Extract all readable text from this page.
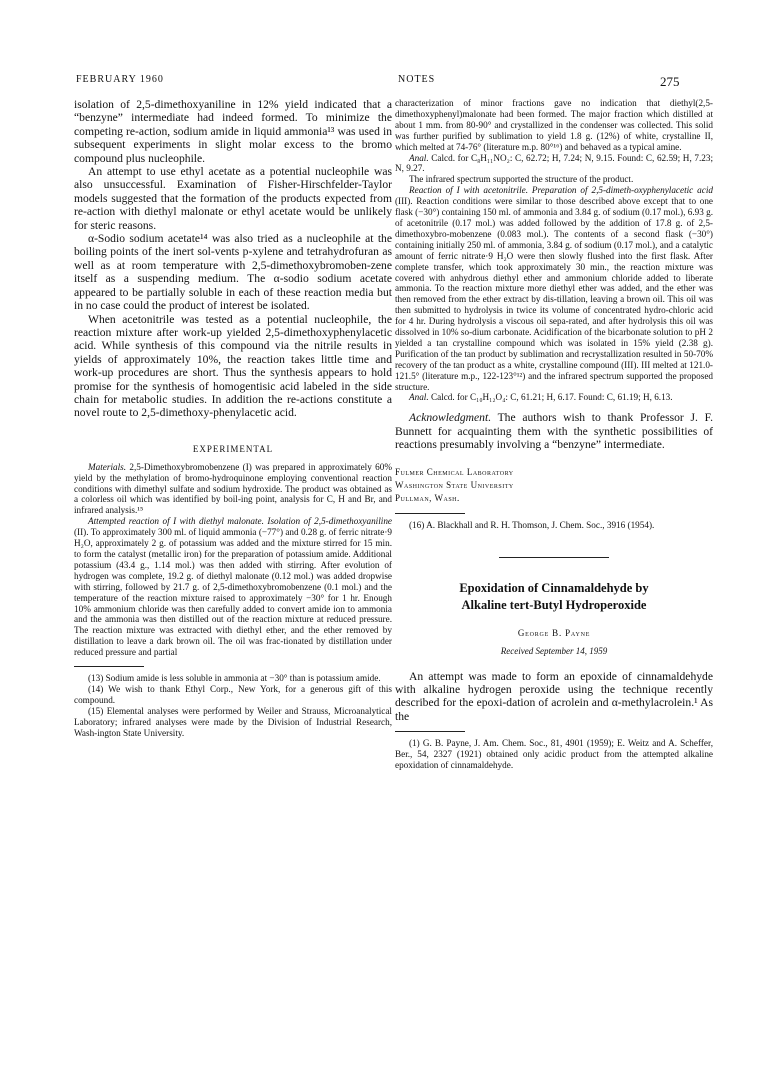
FEBRUARY 1960	NOTES	275

isolation of 2,5-dimethoxyaniline in 12% yield indicated that a “benzyne” intermediate had indeed formed. To minimize the competing re-action, sodium amide in liquid ammonia¹³ was used in subsequent experiments in slight molar excess to the bromo compound plus nucleophile.

An attempt to use ethyl acetate as a potential nucleophile was also unsuccessful. Examination of Fisher-Hirschfelder-Taylor models suggested that the formation of the products expected from re-action with diethyl malonate or ethyl acetate would be unlikely for steric reasons.

α-Sodio sodium acetate¹⁴ was also tried as a nucleophile at the boiling points of the inert sol-vents p-xylene and tetrahydrofuran as well as at room temperature with 2,5-dimethoxybromoben-zene itself as a suspending medium. The α-sodio sodium acetate appeared to be partially soluble in each of these reaction media but in no case could the product of interest be isolated.

When acetonitrile was tested as a potential nucleophile, the reaction mixture after work-up yielded 2,5-dimethoxyphenylacetic acid. While synthesis of this compound via the nitrile results in yields of approximately 10%, the reaction takes little time and work-up procedures are short. Thus the synthesis appears to hold promise for the synthesis of homogentisic acid labeled in the side chain for metabolic studies. In addition the re-actions constitute a novel route to 2,5-dimethoxy-phenylacetic acid.

EXPERIMENTAL

Materials. 2,5-Dimethoxybromobenzene (I) was prepared in approximately 60% yield by the methylation of bromo-hydroquinone employing conventional reaction conditions with dimethyl sulfate and sodium hydroxide. The product was obtained as a colorless oil which was identified by boil-ing point, analysis for C, H and Br, and infrared analysis.¹⁵

Attempted reaction of I with diethyl malonate. Isolation of 2,5-dimethoxyaniline (II). To approximately 300 ml. of liquid ammonia (−77°) and 0.28 g. of ferric nitrate·9 H₂O, approximately 2 g. of potassium was added and the mixture stirred for 15 min. to form the catalyst (metallic iron) for the preparation of potassium amide. Additional potassium (43.4 g., 1.14 mol.) was then added with stirring. After evolution of hydrogen was complete, 19.2 g. of diethyl malonate (0.12 mol.) was added dropwise with stirring, followed by 21.7 g. of 2,5-dimethoxybromobenzene (0.1 mol.) and the temperature of the reaction mixture raised to approximately −30° for 1 hr. Enough 10% ammonium chloride was then carefully added to convert amide ion to ammonia and the ammonia was then distilled out of the reaction mixture at reduced pressure. The reaction mixture was extracted with diethyl ether, and the ether removed by distillation to leave a dark brown oil. The oil was frac-tionated by distillation under reduced pressure and partial

(13) Sodium amide is less soluble in ammonia at −30° than is potassium amide.

(14) We wish to thank Ethyl Corp., New York, for a generous gift of this compound.

(15) Elemental analyses were performed by Weiler and Strauss, Microanalytical Laboratory; infrared analyses were made by the Division of Industrial Research, Wash-ington State University.

characterization of minor fractions gave no indication that diethyl(2,5-dimethoxyphenyl)malonate had been formed. The major fraction which distilled at about 1 mm. from 80-90° and crystallized in the condenser was collected. This solid was further purified by sublimation to yield 1.8 g. (12%) of white, crystalline II, which melted at 74-76° (literature m.p. 80°¹⁶) and behaved as a typical amine.

Anal. Calcd. for C₈H₁₁NO₂: C, 62.72; H, 7.24; N, 9.15. Found: C, 62.59; H, 7.23; N, 9.27.

The infrared spectrum supported the structure of the product.

Reaction of I with acetonitrile. Preparation of 2,5-dimeth-oxyphenylacetic acid (III). Reaction conditions were similar to those described above except that to one flask (−30°) containing 150 ml. of ammonia and 3.84 g. of sodium (0.17 mol.), 6.93 g. of acetonitrile (0.17 mol.) was added followed by the addition of 17.8 g. of 2,5-dimethoxybro-mobenzene (0.083 mol.). The contents of a second flask (−30°) containing initially 250 ml. of ammonia, 3.84 g. of sodium (0.17 mol.), and a catalytic amount of ferric nitrate·9 H₂O were then slowly flushed into the first flask. After complete transfer, which took approximately 30 min., the reaction mixture was covered with anhydrous diethyl ether and ammonium chloride added to liberate ammonia. To the reaction mixture more diethyl ether was added, and the ether was then removed from the ether extract by dis-tillation, leaving a brown oil. This oil was then submitted to hydrolysis in twice its volume of concentrated hydro-chloric acid for 4 hr. During hydrolysis a viscous oil sepa-rated, and after hydrolysis this oil was dissolved in 10% so-dium carbonate. Acidification of the bicarbonate solution to pH 2 yielded a tan crystalline compound which was isolated in 15% yield (2.38 g). Purification of the tan product by sublimation and recrystallization resulted in 50-70% recovery of the tan product as a white, crystalline compound (III). III melted at 121.0-121.5° (literature m.p., 122-123°¹²) and the infrared spectrum supported the proposed structure.

Anal. Calcd. for C₁₀H₁₂O₄: C, 61.21; H, 6.17. Found: C, 61.19; H, 6.13.

Acknowledgment. The authors wish to thank Professor J. F. Bunnett for acquainting them with the synthetic possibilities of reactions presumably involving a “benzyne” intermediate.

Fulmer Chemical Laboratory
Washington State University
Pullman, Wash.

(16) A. Blackhall and R. H. Thomson, J. Chem. Soc., 3916 (1954).

Epoxidation of Cinnamaldehyde by

Alkaline tert-Butyl Hydroperoxide

George B. Payne
Received September 14, 1959

An attempt was made to form an epoxide of cinnamaldehyde with alkaline hydrogen peroxide using the technique recently described for the epoxi-dation of acrolein and α-methylacrolein.¹ As the

(1) G. B. Payne, J. Am. Chem. Soc., 81, 4901 (1959); E. Weitz and A. Scheffer, Ber., 54, 2327 (1921) obtained only acidic product from the attempted alkaline epoxidation of cinnamaldehyde.
